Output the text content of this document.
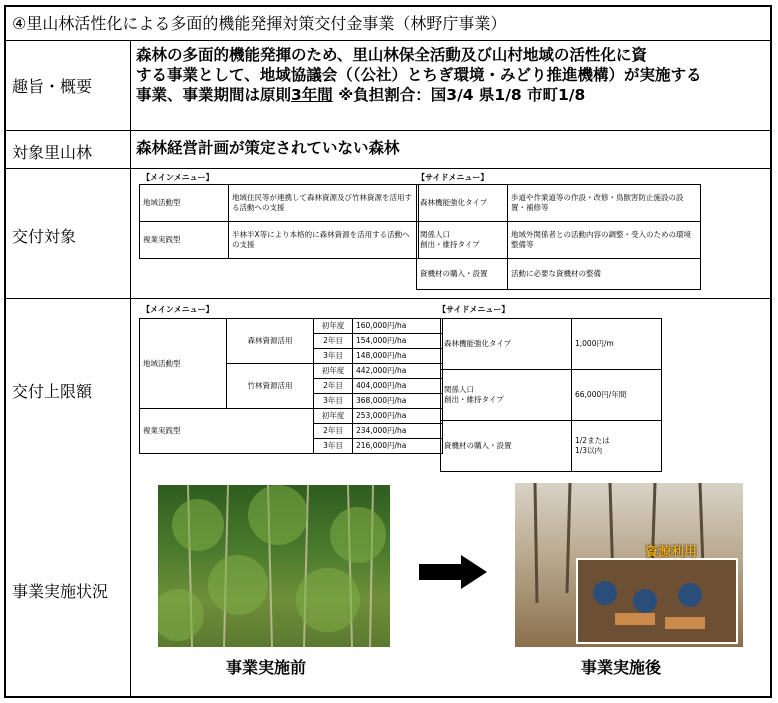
④里山林活性化による多面的機能発揮対策交付金事業（林野庁事業）
趣旨・概要
森林の多面的機能発揮のため、里山林保全活動及び山村地域の活性化に資
する事業として、地域協議会（（公社）とちぎ環境・みどり推進機構）が実施する
事業、事業期間は原則3年間 ※負担割合：国3/4 県1/8 市町1/8
対象里山林	森林経営計画が策定されていない森林
交付対象
【メインメニュー】	【サイドメニュー】
地域活動型	地域住民等が連携して森林資源及び竹林資源を活用する活動への支援
複業実践型	半林半X等により本格的に森林資源を活用する活動への支援
森林機能強化タイプ	歩道や作業道等の作設・改修・鳥獣害防止施設の設置・補修等
関係人口
創出・維持タイプ	地域外関係者との活動内容の調整・受入のための環境整備等
資機材の購入・設置	活動に必要な資機材の整備
交付上限額
【メインメニュー】	【サイドメニュー】
地域活動型	森林資源活用	初年度	160,000円/ha
		2年目	154,000円/ha
		3年目	148,000円/ha
	竹林資源活用	初年度	442,000円/ha
		2年目	404,000円/ha
		3年目	368,000円/ha
複業実践型		初年度	253,000円/ha
		2年目	234,000円/ha
		3年目	216,000円/ha
森林機能強化タイプ	1,000円/m
関係人口
創出・維持タイプ	66,000円/年間
資機材の購入・設置	1/2または
1/3以内
事業実施状況
事業実施前
資源利用
事業実施後
